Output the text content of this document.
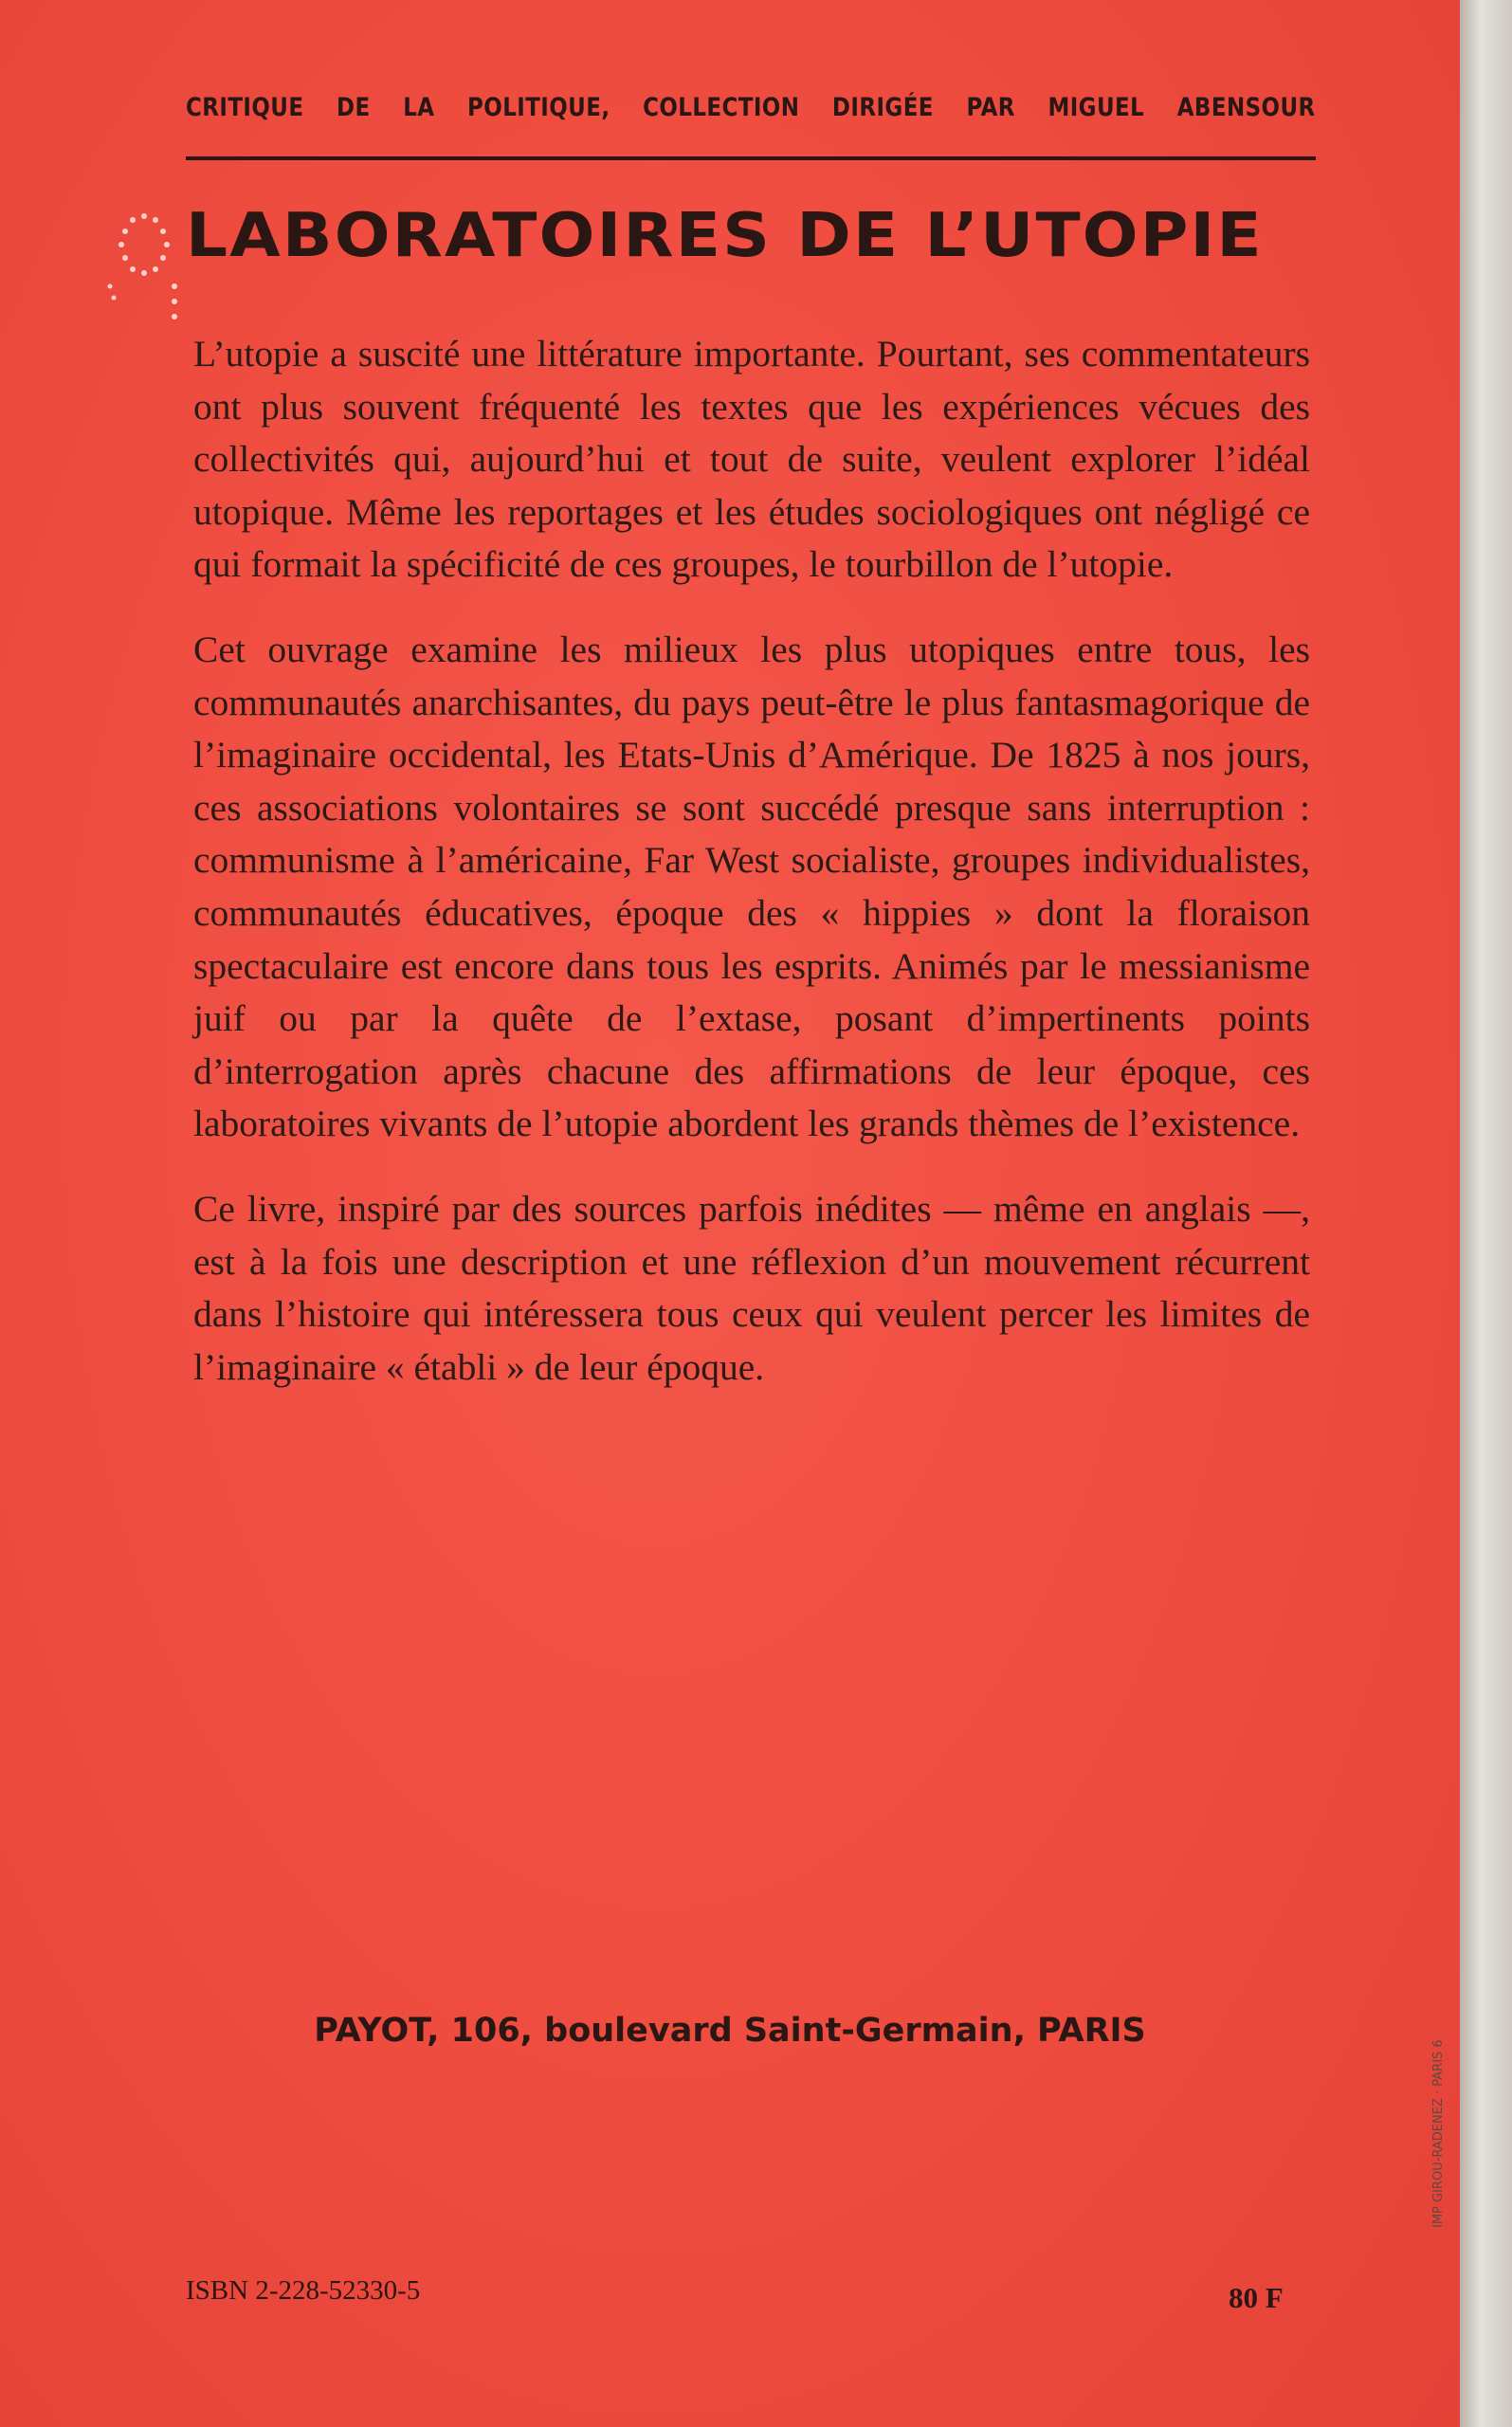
CRITIQUE DE LA POLITIQUE, COLLECTION DIRIGÉE PAR MIGUEL ABENSOUR
LABORATOIRES DE L’UTOPIE

L’utopie a suscité une littérature importante. Pourtant, ses commentateurs ont plus souvent fréquenté les textes que les expériences vécues des collectivités qui, aujourd’hui et tout de suite, veulent explorer l’idéal utopique. Même les reportages et les études sociologiques ont négligé ce qui formait la spécificité de ces groupes, le tourbillon de l’utopie.

Cet ouvrage examine les milieux les plus utopiques entre tous, les communautés anarchisantes, du pays peut-être le plus fantasmagorique de l’imaginaire occidental, les Etats-Unis d’Amérique. De 1825 à nos jours, ces associations volontaires se sont succédé presque sans interruption : communisme à l’américaine, Far West socialiste, groupes individualistes, communautés éducatives, époque des « hippies » dont la floraison spectaculaire est encore dans tous les esprits. Animés par le messianisme juif ou par la quête de l’extase, posant d’impertinents points d’interrogation après chacune des affirmations de leur époque, ces laboratoires vivants de l’utopie abordent les grands thèmes de l’existence.

Ce livre, inspiré par des sources parfois inédites — même en anglais —, est à la fois une description et une réflexion d’un mouvement récurrent dans l’histoire qui intéressera tous ceux qui veulent percer les limites de l’imaginaire « établi » de leur époque.

PAYOT, 106, boulevard Saint-Germain, PARIS
ISBN 2-228-52330-5	80 F
IMP GIROU-RADENEZ · PARIS 6
